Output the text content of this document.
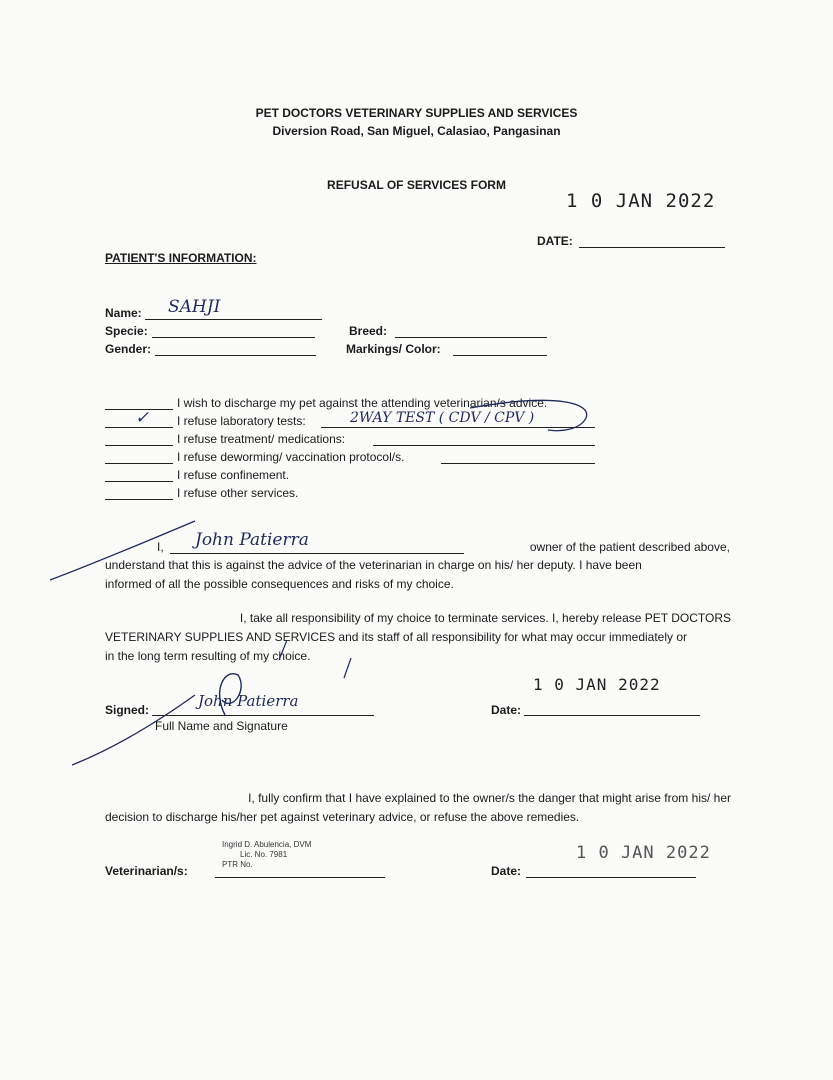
PET DOCTORS VETERINARY SUPPLIES AND SERVICES
Diversion Road, San Miguel, Calasiao, Pangasinan
REFUSAL OF SERVICES FORM
1 0 JAN 2022
DATE:
PATIENT'S INFORMATION:
Name: SAHJI
Specie:	Breed:
Gender:	Markings/ Color:
I wish to discharge my pet against the attending veterinarian/s advice.
✓ I refuse laboratory tests:	2WAY TEST ( CDV / CPV )
I refuse treatment/ medications:
I refuse deworming/ vaccination protocol/s.
I refuse confinement.
I refuse other services.
I, John Patierra	owner of the patient described above,
understand that this is against the advice of the veterinarian in charge on his/ her deputy. I have been
informed of all the possible consequences and risks of my choice.
I, take all responsibility of my choice to terminate services. I, hereby release PET DOCTORS
VETERINARY SUPPLIES AND SERVICES and its staff of all responsibility for what may occur immediately or
in the long term resulting of my choice.
Signed:	John Patierra
Full Name and Signature
1 0 JAN 2022
Date:
I, fully confirm that I have explained to the owner/s the danger that might arise from his/ her
decision to discharge his/her pet against veterinary advice, or refuse the above remedies.
Veterinarian/s:
Ingrid D. Abulencia, DVM
Lic. No. 7981
PTR No.
1 0 JAN 2022
Date:
